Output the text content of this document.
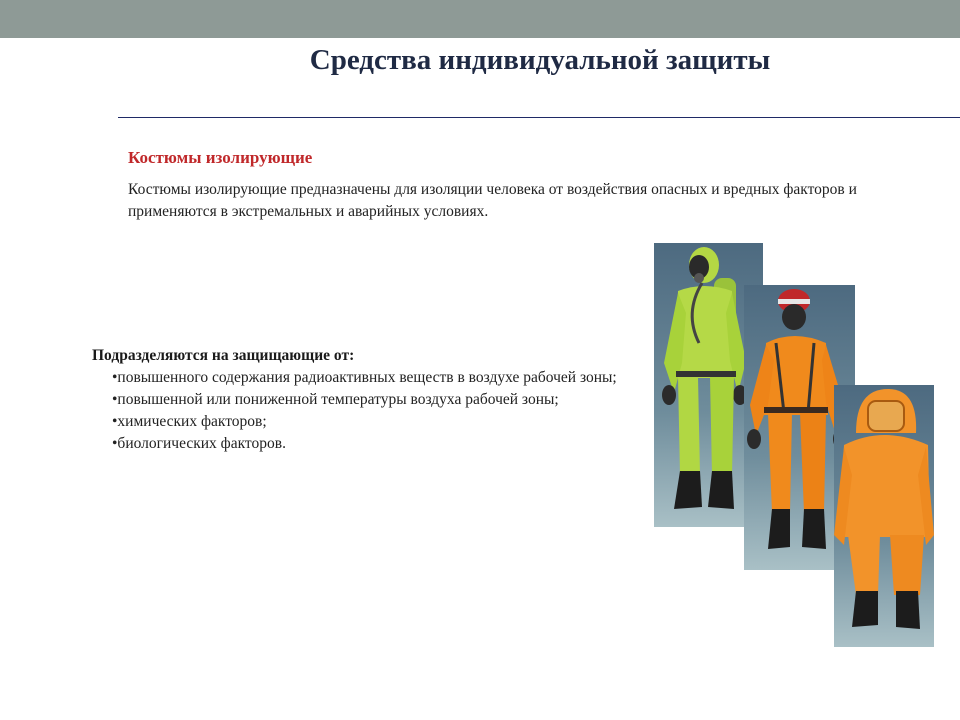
Средства индивидуальной защиты
Костюмы изолирующие
Костюмы изолирующие предназначены для изоляции человека от воздействия опасных и вредных факторов и применяются в экстремальных и аварийных условиях.
Подразделяются на защищающие от:
•повышенного содержания радиоактивных веществ в воздухе рабочей зоны;
•повышенной или пониженной температуры воздуха рабочей зоны;
•химических факторов;
•биологических факторов.
